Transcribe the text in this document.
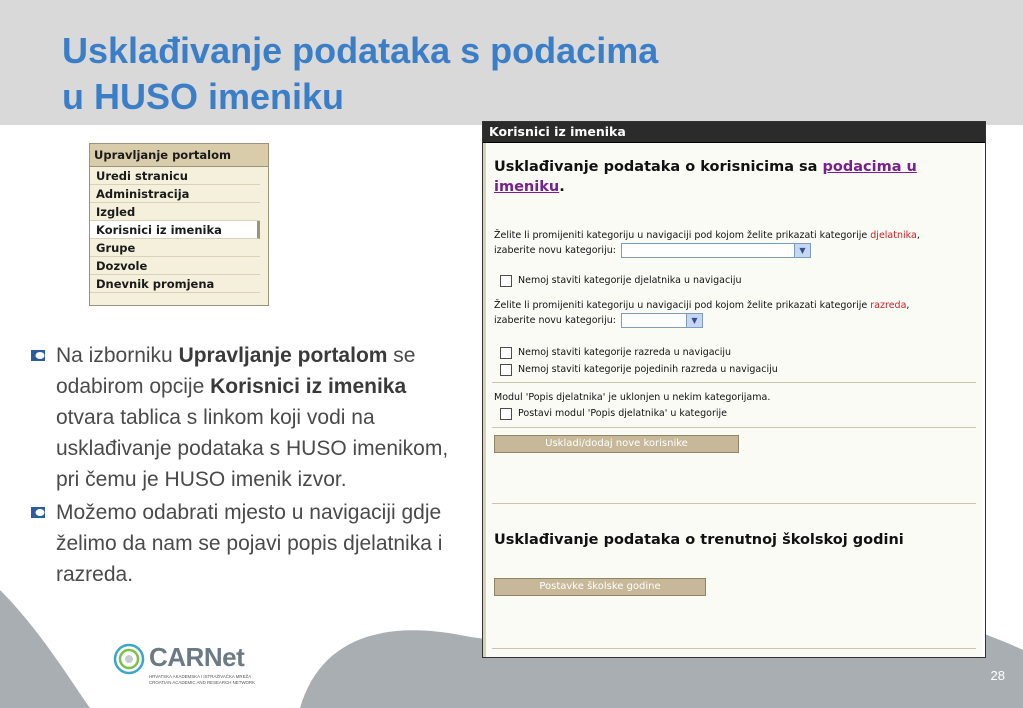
Usklađivanje podataka s podacima
u HUSO imeniku
Upravljanje portalom
Uredi stranicu
Administracija
Izgled
Korisnici iz imenika
Grupe
Dozvole
Dnevnik promjena
Na izborniku Upravljanje portalom se odabirom opcije Korisnici iz imenika otvara tablica s linkom koji vodi na usklađivanje podataka s HUSO imenikom, pri čemu je HUSO imenik izvor.
Možemo odabrati mjesto u navigaciji gdje želimo da nam se pojavi popis djelatnika i razreda.
CARNet
HRVATSKA AKADEMSKA I ISTRAŽIVAČKA MREŽA
CROATIAN ACADEMIC AND RESEARCH NETWORK	28
Korisnici iz imenika

Usklađivanje podataka o korisnicima sa podacima u imeniku.

Želite li promijeniti kategoriju u navigaciji pod kojom želite prikazati kategorije djelatnika,
izaberite novu kategoriju:	▼
Nemoj staviti kategorije djelatnika u navigaciju
Želite li promijeniti kategoriju u navigaciji pod kojom želite prikazati kategorije razreda,
izaberite novu kategoriju:	▼
Nemoj staviti kategorije razreda u navigaciju
Nemoj staviti kategorije pojedinih razreda u navigaciju
Modul 'Popis djelatnika' je uklonjen u nekim kategorijama.
Postavi modul 'Popis djelatnika' u kategorije
Uskladi/dodaj nove korisnike

Usklađivanje podataka o trenutnoj školskoj godini

Postavke školske godine
